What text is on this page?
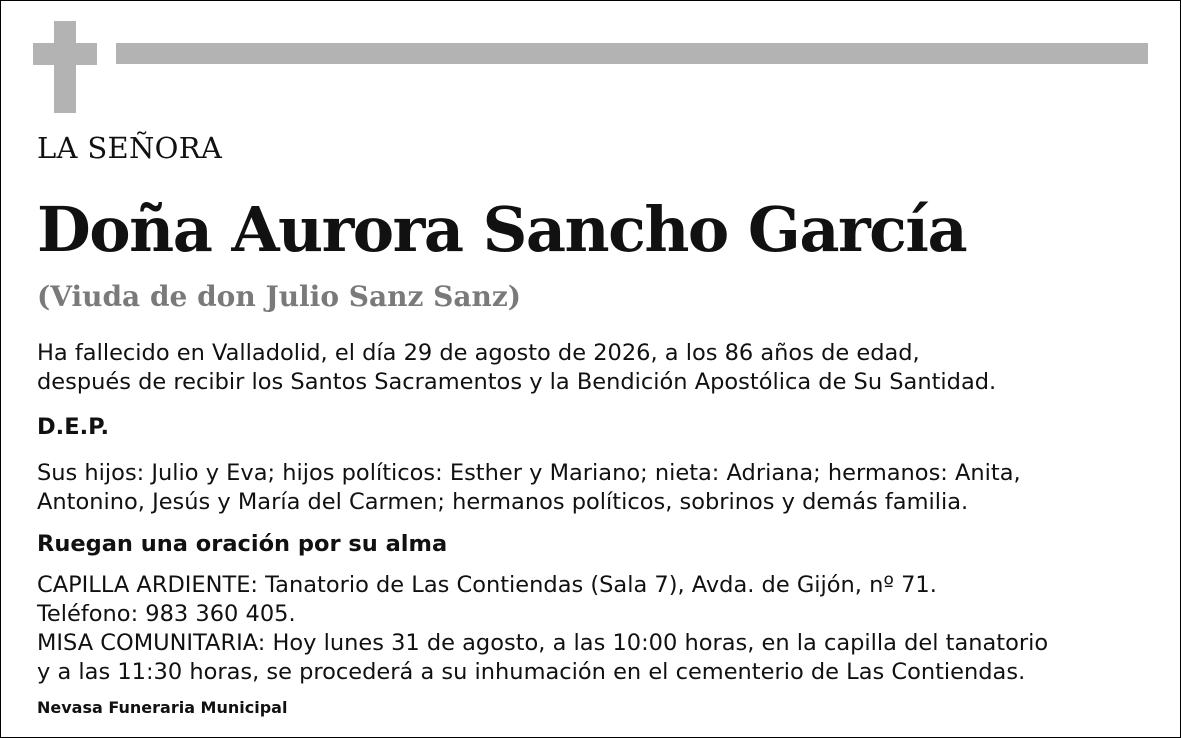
LA SEÑORA
Doña Aurora Sancho García
(Viuda de don Julio Sanz Sanz)
Ha fallecido en Valladolid, el día 29 de agosto de 2026, a los 86 años de edad,
después de recibir los Santos Sacramentos y la Bendición Apostólica de Su Santidad.
D.E.P.
Sus hijos: Julio y Eva; hijos políticos: Esther y Mariano; nieta: Adriana; hermanos: Anita,
Antonino, Jesús y María del Carmen; hermanos políticos, sobrinos y demás familia.
Ruegan una oración por su alma
CAPILLA ARDIENTE: Tanatorio de Las Contiendas (Sala 7), Avda. de Gijón, nº 71.
Teléfono: 983 360 405.
MISA COMUNITARIA: Hoy lunes 31 de agosto, a las 10:00 horas, en la capilla del tanatorio
y a las 11:30 horas, se procederá a su inhumación en el cementerio de Las Contiendas.
Nevasa Funeraria Municipal
